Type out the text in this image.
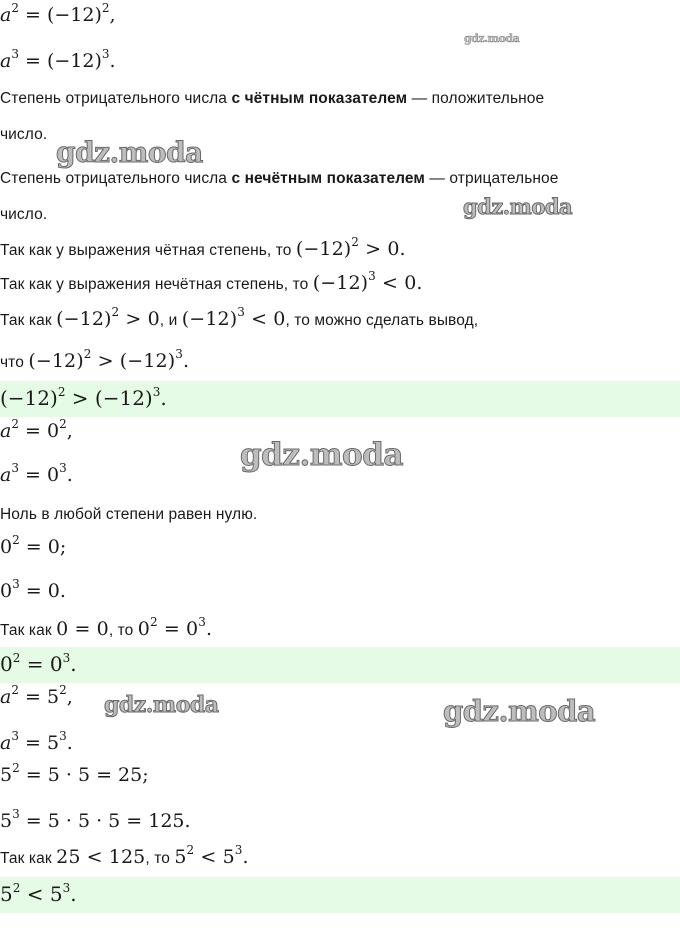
$a^2 = (-12)^2$,
$a^3 = (-12)^3$.
Степень отрицательного числа с чётным показателем — положительное
число.
Степень отрицательного числа с нечётным показателем — отрицательное
число.
Так как у выражения чётная степень, то $(-12)^2 > 0$.
Так как у выражения нечётная степень, то $(-12)^3 < 0$.
Так как $(-12)^2 > 0$, и $(-12)^3 < 0$, то можно сделать вывод,
что $(-12)^2 > (-12)^3$.
$(-12)^2 > (-12)^3$.
$a^2 = 0^2$,
$a^3 = 0^3$.
Ноль в любой степени равен нулю.
$0^2 = 0$;
$0^3 = 0$.
Так как 0 = 0, то $0^2 = 0^3$.
$0^2 = 0^3$.
$a^2 = 5^2$,
$a^3 = 5^3$.
$5^2 = 5 \cdot 5 = 25$;
$5^3 = 5 \cdot 5 \cdot 5 = 125$.
Так как 25 < 125, то $5^2 < 5^3$.
$5^2 < 5^3$.
gdz.moda
gdz.moda
gdz.moda
gdz.moda
gdz.moda	gdz.moda
